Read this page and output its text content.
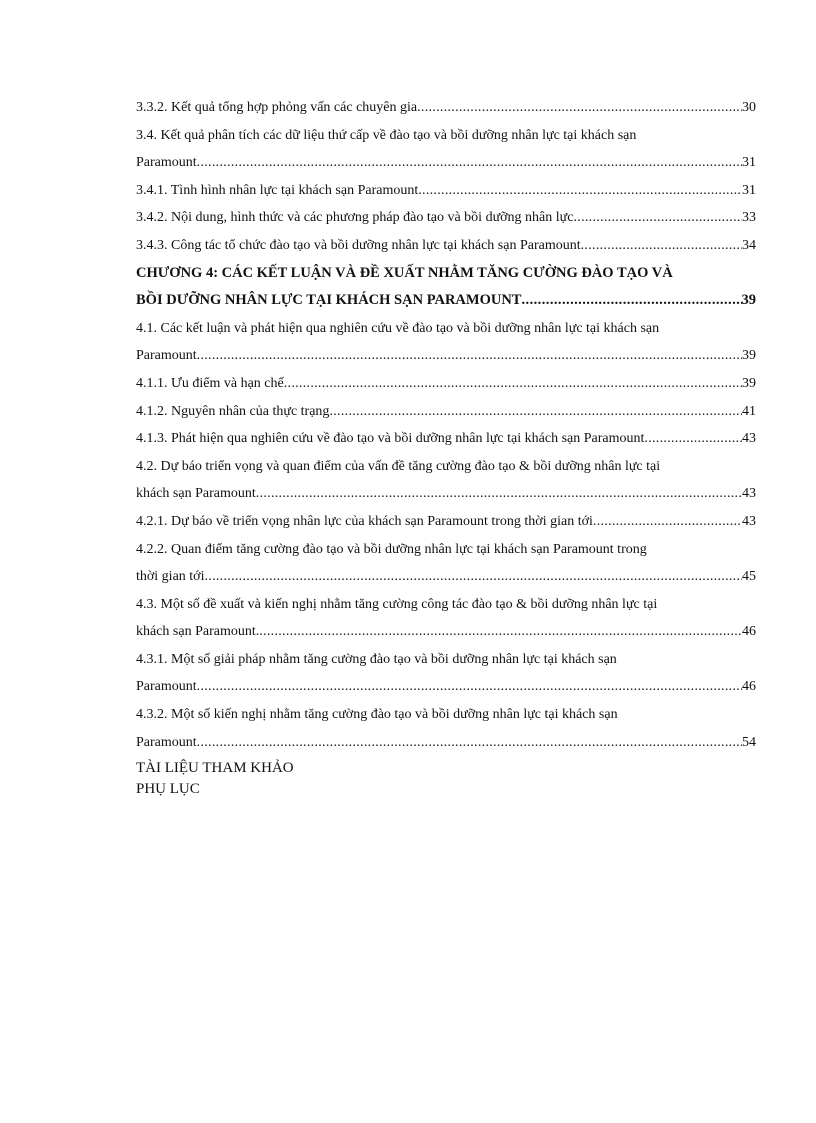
3.3.2. Kết quả tổng hợp phỏng vấn các chuyên gia . . .	30
3.4. Kết quả phân tích các dữ liệu thứ cấp về đào tạo và bồi dưỡng nhân lực tại khách sạn
Paramount . . .	31
3.4.1. Tình hình nhân lực tại khách sạn Paramount . . .	31
3.4.2. Nội dung, hình thức và các phương pháp đào tạo và bồi dưỡng nhân lực . . .	33
3.4.3. Công tác tổ chức đào tạo và bồi dưỡng nhân lực tại khách sạn Paramount . . .	34
CHƯƠNG 4: CÁC KẾT LUẬN VÀ ĐỀ XUẤT NHẰM TĂNG CƯỜNG ĐÀO TẠO VÀ
BỒI DƯỠNG NHÂN LỰC TẠI KHÁCH SẠN PARAMOUNT . . .	39
4.1. Các kết luận và phát hiện qua nghiên cứu về đào tạo và bồi dưỡng nhân lực tại khách sạn
Paramount . . .	39
4.1.1. Ưu điểm và hạn chế . . .	39
4.1.2. Nguyên nhân của thực trạng . . .	41
4.1.3. Phát hiện qua nghiên cứu về đào tạo và bồi dưỡng nhân lực tại khách sạn Paramount . . .	43
4.2. Dự báo triển vọng và quan điểm của vấn đề tăng cường đào tạo & bồi dưỡng nhân lực tại
khách sạn Paramount . . .	43
4.2.1. Dự báo về triển vọng nhân lực của khách sạn Paramount trong thời gian tới . . .	43
4.2.2. Quan điểm tăng cường đào tạo và bồi dưỡng nhân lực tại khách sạn Paramount trong
thời gian tới . . .	45
4.3. Một số đề xuất và kiến nghị nhằm tăng cường công tác đào tạo & bồi dưỡng nhân lực tại
khách sạn Paramount. . . .	46
4.3.1. Một số giải pháp nhằm tăng cường đào tạo và bồi dưỡng nhân lực tại khách sạn
Paramount . . .	46
4.3.2. Một số kiến nghị nhằm tăng cường đào tạo và bồi dưỡng nhân lực tại khách sạn
Paramount . . .	54
TÀI LIỆU THAM KHẢO
PHỤ LỤC
